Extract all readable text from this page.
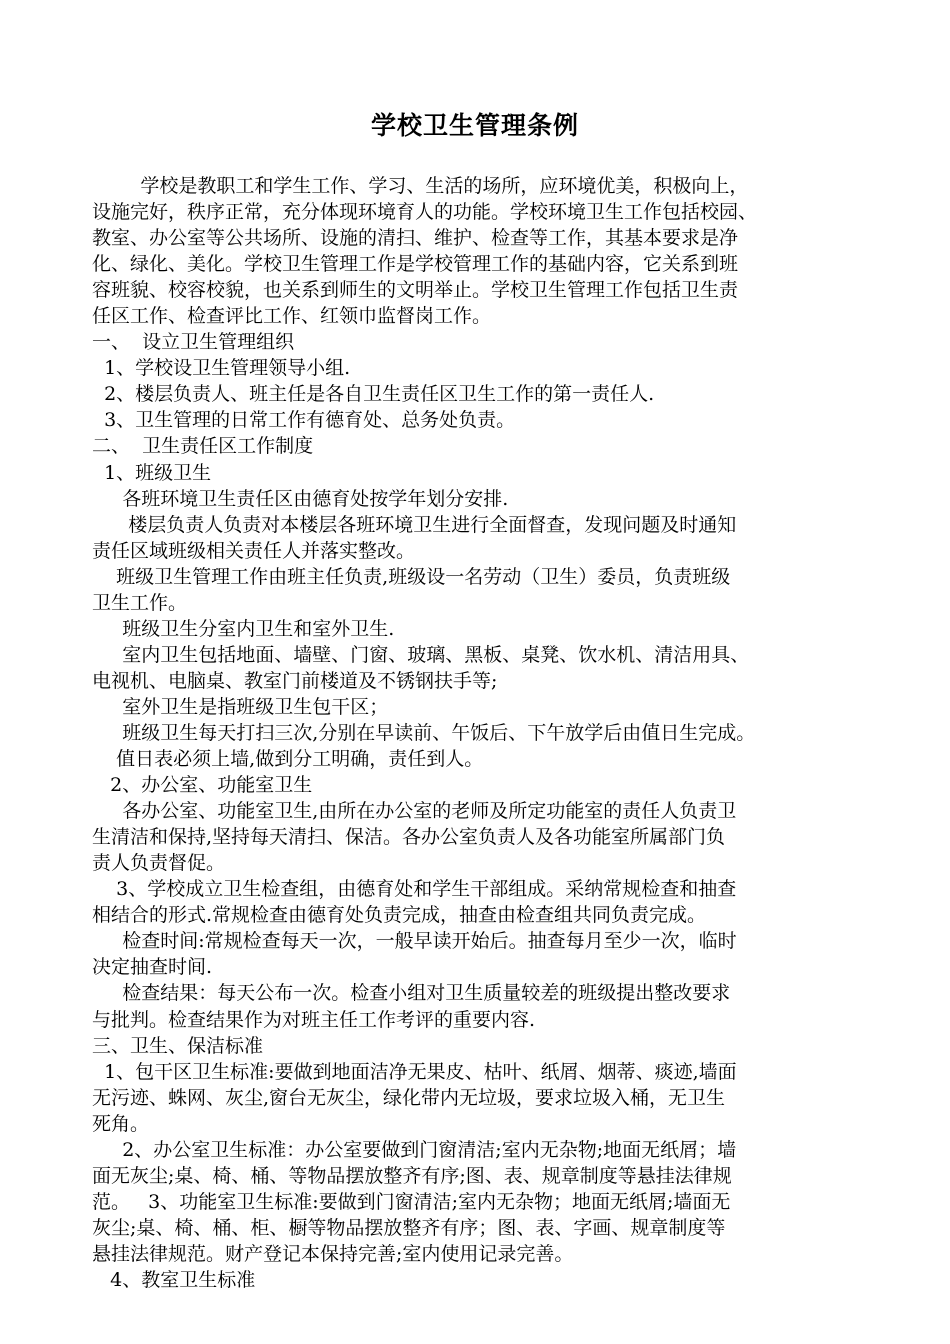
学校卫生管理条例
学校是教职工和学生工作、学习、生活的场所，应环境优美，积极向上，
设施完好，秩序正常，充分体现环境育人的功能。学校环境卫生工作包括校园、
教室、办公室等公共场所、设施的清扫、维护、检查等工作，其基本要求是净
化、绿化、美化。学校卫生管理工作是学校管理工作的基础内容，它关系到班
容班貌、校容校貌，也关系到师生的文明举止。学校卫生管理工作包括卫生责
任区工作、检查评比工作、红领巾监督岗工作。
一、  设立卫生管理组织
1、学校设卫生管理领导小组.
2、楼层负责人、班主任是各自卫生责任区卫生工作的第一责任人.
3、卫生管理的日常工作有德育处、总务处负责。
二、  卫生责任区工作制度
1、班级卫生
各班环境卫生责任区由德育处按学年划分安排.
楼层负责人负责对本楼层各班环境卫生进行全面督查，发现问题及时通知
责任区域班级相关责任人并落实整改。
班级卫生管理工作由班主任负责,班级设一名劳动（卫生）委员，负责班级
卫生工作。
班级卫生分室内卫生和室外卫生.
室内卫生包括地面、墙壁、门窗、玻璃、黑板、桌凳、饮水机、清洁用具、
电视机、电脑桌、教室门前楼道及不锈钢扶手等;
室外卫生是指班级卫生包干区；
班级卫生每天打扫三次,分别在早读前、午饭后、下午放学后由值日生完成。
值日表必须上墙,做到分工明确，责任到人。
2、办公室、功能室卫生
各办公室、功能室卫生,由所在办公室的老师及所定功能室的责任人负责卫
生清洁和保持,坚持每天清扫、保洁。各办公室负责人及各功能室所属部门负
责人负责督促。
3、学校成立卫生检查组，由德育处和学生干部组成。采纳常规检查和抽查
相结合的形式.常规检查由德育处负责完成，抽查由检查组共同负责完成。
检查时间:常规检查每天一次，一般早读开始后。抽查每月至少一次，临时
决定抽查时间.
检查结果：每天公布一次。检查小组对卫生质量较差的班级提出整改要求
与批判。检查结果作为对班主任工作考评的重要内容.
三、卫生、保洁标准
1、包干区卫生标准:要做到地面洁净无果皮、枯叶、纸屑、烟蒂、痰迹,墙面
无污迹、蛛网、灰尘,窗台无灰尘，绿化带内无垃圾，要求垃圾入桶，无卫生
死角。
2、办公室卫生标准：办公室要做到门窗清洁;室内无杂物;地面无纸屑；墙
面无灰尘;桌、椅、桶、等物品摆放整齐有序;图、表、规章制度等悬挂法律规
范。   3、功能室卫生标准:要做到门窗清洁;室内无杂物；地面无纸屑;墙面无
灰尘;桌、椅、桶、柜、橱等物品摆放整齐有序；图、表、字画、规章制度等
悬挂法律规范。财产登记本保持完善;室内使用记录完善。
4、教室卫生标准
